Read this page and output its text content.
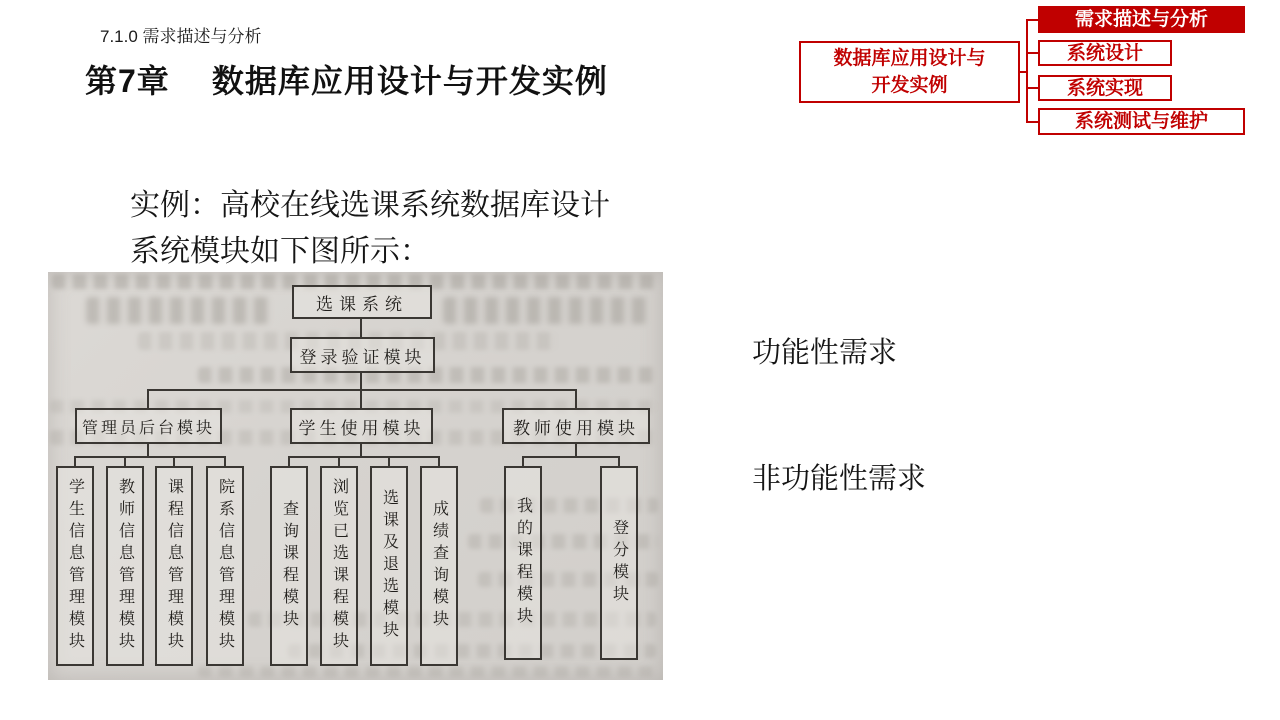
7.1.0 需求描述与分析
第7章 数据库应用设计与开发实例
数据库应用设计与
开发实例
需求描述与分析
系统设计
系统实现
系统测试与维护
实例：高校在线选课系统数据库设计
系统模块如下图所示：
功能性需求
非功能性需求
选课系统
登录验证模块
管理员后台模块	学生使用模块	教师使用模块
学生信息管理模块 教师信息管理模块 课程信息管理模块 院系信息管理模块	查询课程模块 浏览已选课程模块 选课及退选模块 成绩查询模块	我的课程模块	登分模块
